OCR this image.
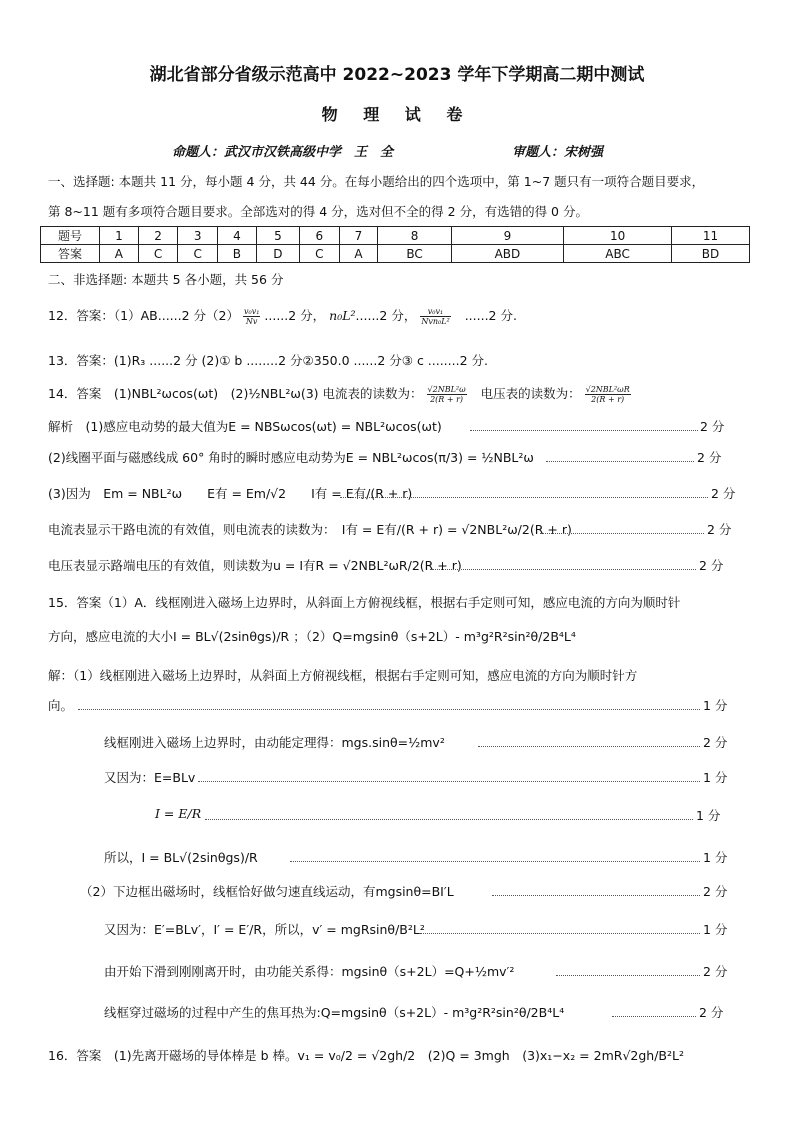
湖北省部分省级示范高中 2022~2023 学年下学期高二期中测试
物 理 试 卷
命题人：武汉市汉铁高级中学　王　全	审题人：宋树强
一、选择题: 本题共 11 分，每小题 4 分，共 44 分。在每小题给出的四个选项中，第 1~7 题只有一项符合题目要求，
第 8~11 题有多项符合题目要求。全部选对的得 4 分，选对但不全的得 2 分，有选错的得 0 分。
题号	1	2	3	4	5	6	7	8	9	10	11
答案	A	C	C	B	D	C	A	BC	ABD	ABC	BD
二、非选择题: 本题共 5 各小题，共 56 分
12．答案：（1）AB......2 分$(2) \frac{\text{v₀v₁}}{Nv} ......2$ 分， n₀L²......2 分， $\frac{\text{v₀v₁}}{\text{Nvn₀L²}} ......2$ 分.
13．答案：(1)R₃ ......2 分 (2)① b ........2 分②350.0 ......2 分③ c ........2 分.
14．答案　(1)NBL²ωcos(ωt)　(2)½NBL²ω(3) 电流表的读数为： $\frac{\text{√2NBL²ω}}{2(R + r)}$ 电压表的读数为： $\frac{\text{√2NBL²ωR}}{2(R + r)}$
解析　(1)感应电动势的最大值为E = NBSωcos(ωt) = NBL²ωcos(ωt)	2 分
(2)线圈平面与磁感线成 60° 角时的瞬时感应电动势为E = NBL²ωcos(π/3) = ½NBL²ω	2 分
(3)因为　Em = NBL²ω　　E有 = Em/√2　　I有 = E有/(R + r)	2 分
电流表显示干路电流的有效值，则电流表的读数为：　I有 = E有/(R + r) = √2NBL²ω/2(R + r)	2 分
电压表显示路端电压的有效值，则读数为u = I有R = √2NBL²ωR/2(R + r)	2 分
15．答案（1）A．线框刚进入磁场上边界时，从斜面上方俯视线框，根据右手定则可知，感应电流的方向为顺时针
方向，感应电流的大小I = BL√(2sinθgs)/R ；（2）Q=mgsinθ（s+2L）- m³g²R²sin²θ/2B⁴L⁴
解：（1）线框刚进入磁场上边界时，从斜面上方俯视线框，根据右手定则可知，感应电流的方向为顺时针方
向。	1 分
线框刚进入磁场上边界时，由动能定理得：mgs.sinθ=½mv²	2 分
又因为：E=BLv	1 分
I = E/R	1 分
所以，I = BL√(2sinθgs)/R	1 分
（2）下边框出磁场时，线框恰好做匀速直线运动，有mgsinθ=BI′L	2 分
又因为：E′=BLv′，I′ = E′/R，所以，v′ = mgRsinθ/B²L²	1 分
由开始下滑到刚刚离开时，由功能关系得：mgsinθ（s+2L）=Q+½mv′²	2 分
线框穿过磁场的过程中产生的焦耳热为:Q=mgsinθ（s+2L）- m³g²R²sin²θ/2B⁴L⁴	2 分
16．答案　(1)先离开磁场的导体棒是 b 棒。v₁ = v₀/2 = √2gh/2　(2)Q = 3mgh　(3)x₁−x₂ = 2mR√2gh/B²L²
